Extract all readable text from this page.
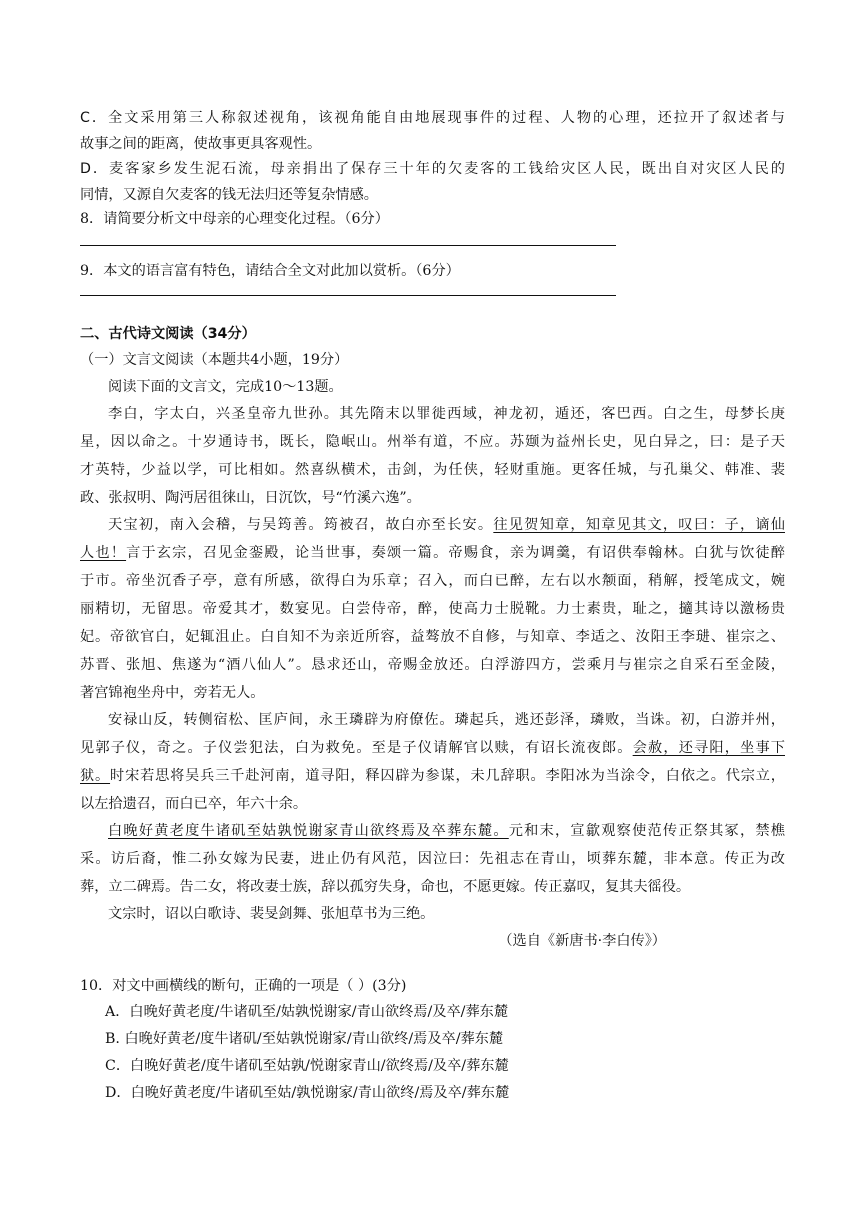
C．全文采用第三人称叙述视角，该视角能自由地展现事件的过程、人物的心理，还拉开了叙述者与
故事之间的距离，使故事更具客观性。
D．麦客家乡发生泥石流，母亲捐出了保存三十年的欠麦客的工钱给灾区人民，既出自对灾区人民的
同情，又源自欠麦客的钱无法归还等复杂情感。
8．请简要分析文中母亲的心理变化过程。（6分）
9．本文的语言富有特色，请结合全文对此加以赏析。（6分）
二、古代诗文阅读（34分）
（一）文言文阅读（本题共4小题，19分）
阅读下面的文言文，完成10～13题。
李白，字太白，兴圣皇帝九世孙。其先隋末以罪徙西域，神龙初，遁还，客巴西。白之生，母梦长庚
星，因以命之。十岁通诗书，既长，隐岷山。州举有道，不应。苏颋为益州长史，见白异之，曰：是子天
才英特，少益以学，可比相如。然喜纵横术，击剑，为任侠，轻财重施。更客任城，与孔巢父、韩准、裴
政、张叔明、陶沔居徂徕山，日沉饮，号“竹溪六逸”。
天宝初，南入会稽，与吴筠善。筠被召，故白亦至长安。往见贺知章，知章见其文，叹曰：子，谪仙
人也！言于玄宗，召见金銮殿，论当世事，奏颂一篇。帝赐食，亲为调羹，有诏供奉翰林。白犹与饮徒醉
于市。帝坐沉香子亭，意有所感，欲得白为乐章；召入，而白已醉，左右以水颒面，稍解，授笔成文，婉
丽精切，无留思。帝爱其才，数宴见。白尝侍帝，醉，使高力士脱靴。力士素贵，耻之，擿其诗以激杨贵
妃。帝欲官白，妃辄沮止。白自知不为亲近所容，益骜放不自修，与知章、李适之、汝阳王李琎、崔宗之、
苏晋、张旭、焦遂为“酒八仙人”。恳求还山，帝赐金放还。白浮游四方，尝乘月与崔宗之自采石至金陵，
著宫锦袍坐舟中，旁若无人。
安禄山反，转侧宿松、匡庐间，永王璘辟为府僚佐。璘起兵，逃还彭泽，璘败，当诛。初，白游并州，
见郭子仪，奇之。子仪尝犯法，白为救免。至是子仪请解官以赎，有诏长流夜郎。会赦，还寻阳，坐事下
狱。时宋若思将吴兵三千赴河南，道寻阳，释囚辟为参谋，未几辞职。李阳冰为当涂令，白依之。代宗立，
以左拾遗召，而白已卒，年六十余。
白晚好黄老度牛诸矶至姑孰悦谢家青山欲终焉及卒葬东麓。元和末，宣歙观察使范传正祭其冢，禁樵
采。访后裔，惟二孙女嫁为民妻，进止仍有风范，因泣曰：先祖志在青山，顷葬东麓，非本意。传正为改
葬，立二碑焉。告二女，将改妻士族，辞以孤穷失身，命也，不愿更嫁。传正嘉叹，复其夫徭役。
文宗时，诏以白歌诗、裴旻剑舞、张旭草书为三绝。
（选自《新唐书·李白传》）
10．对文中画横线的断句，正确的一项是（ ）(3分)
A．白晚好黄老度/牛诸矶至/姑孰悦谢家/青山欲终焉/及卒/葬东麓
B. 白晚好黄老/度牛诸矶/至姑孰悦谢家/青山欲终/焉及卒/葬东麓
C．白晚好黄老/度牛诸矶至姑孰/悦谢家青山/欲终焉/及卒/葬东麓
D．白晚好黄老度/牛诸矶至姑/孰悦谢家/青山欲终/焉及卒/葬东麓
